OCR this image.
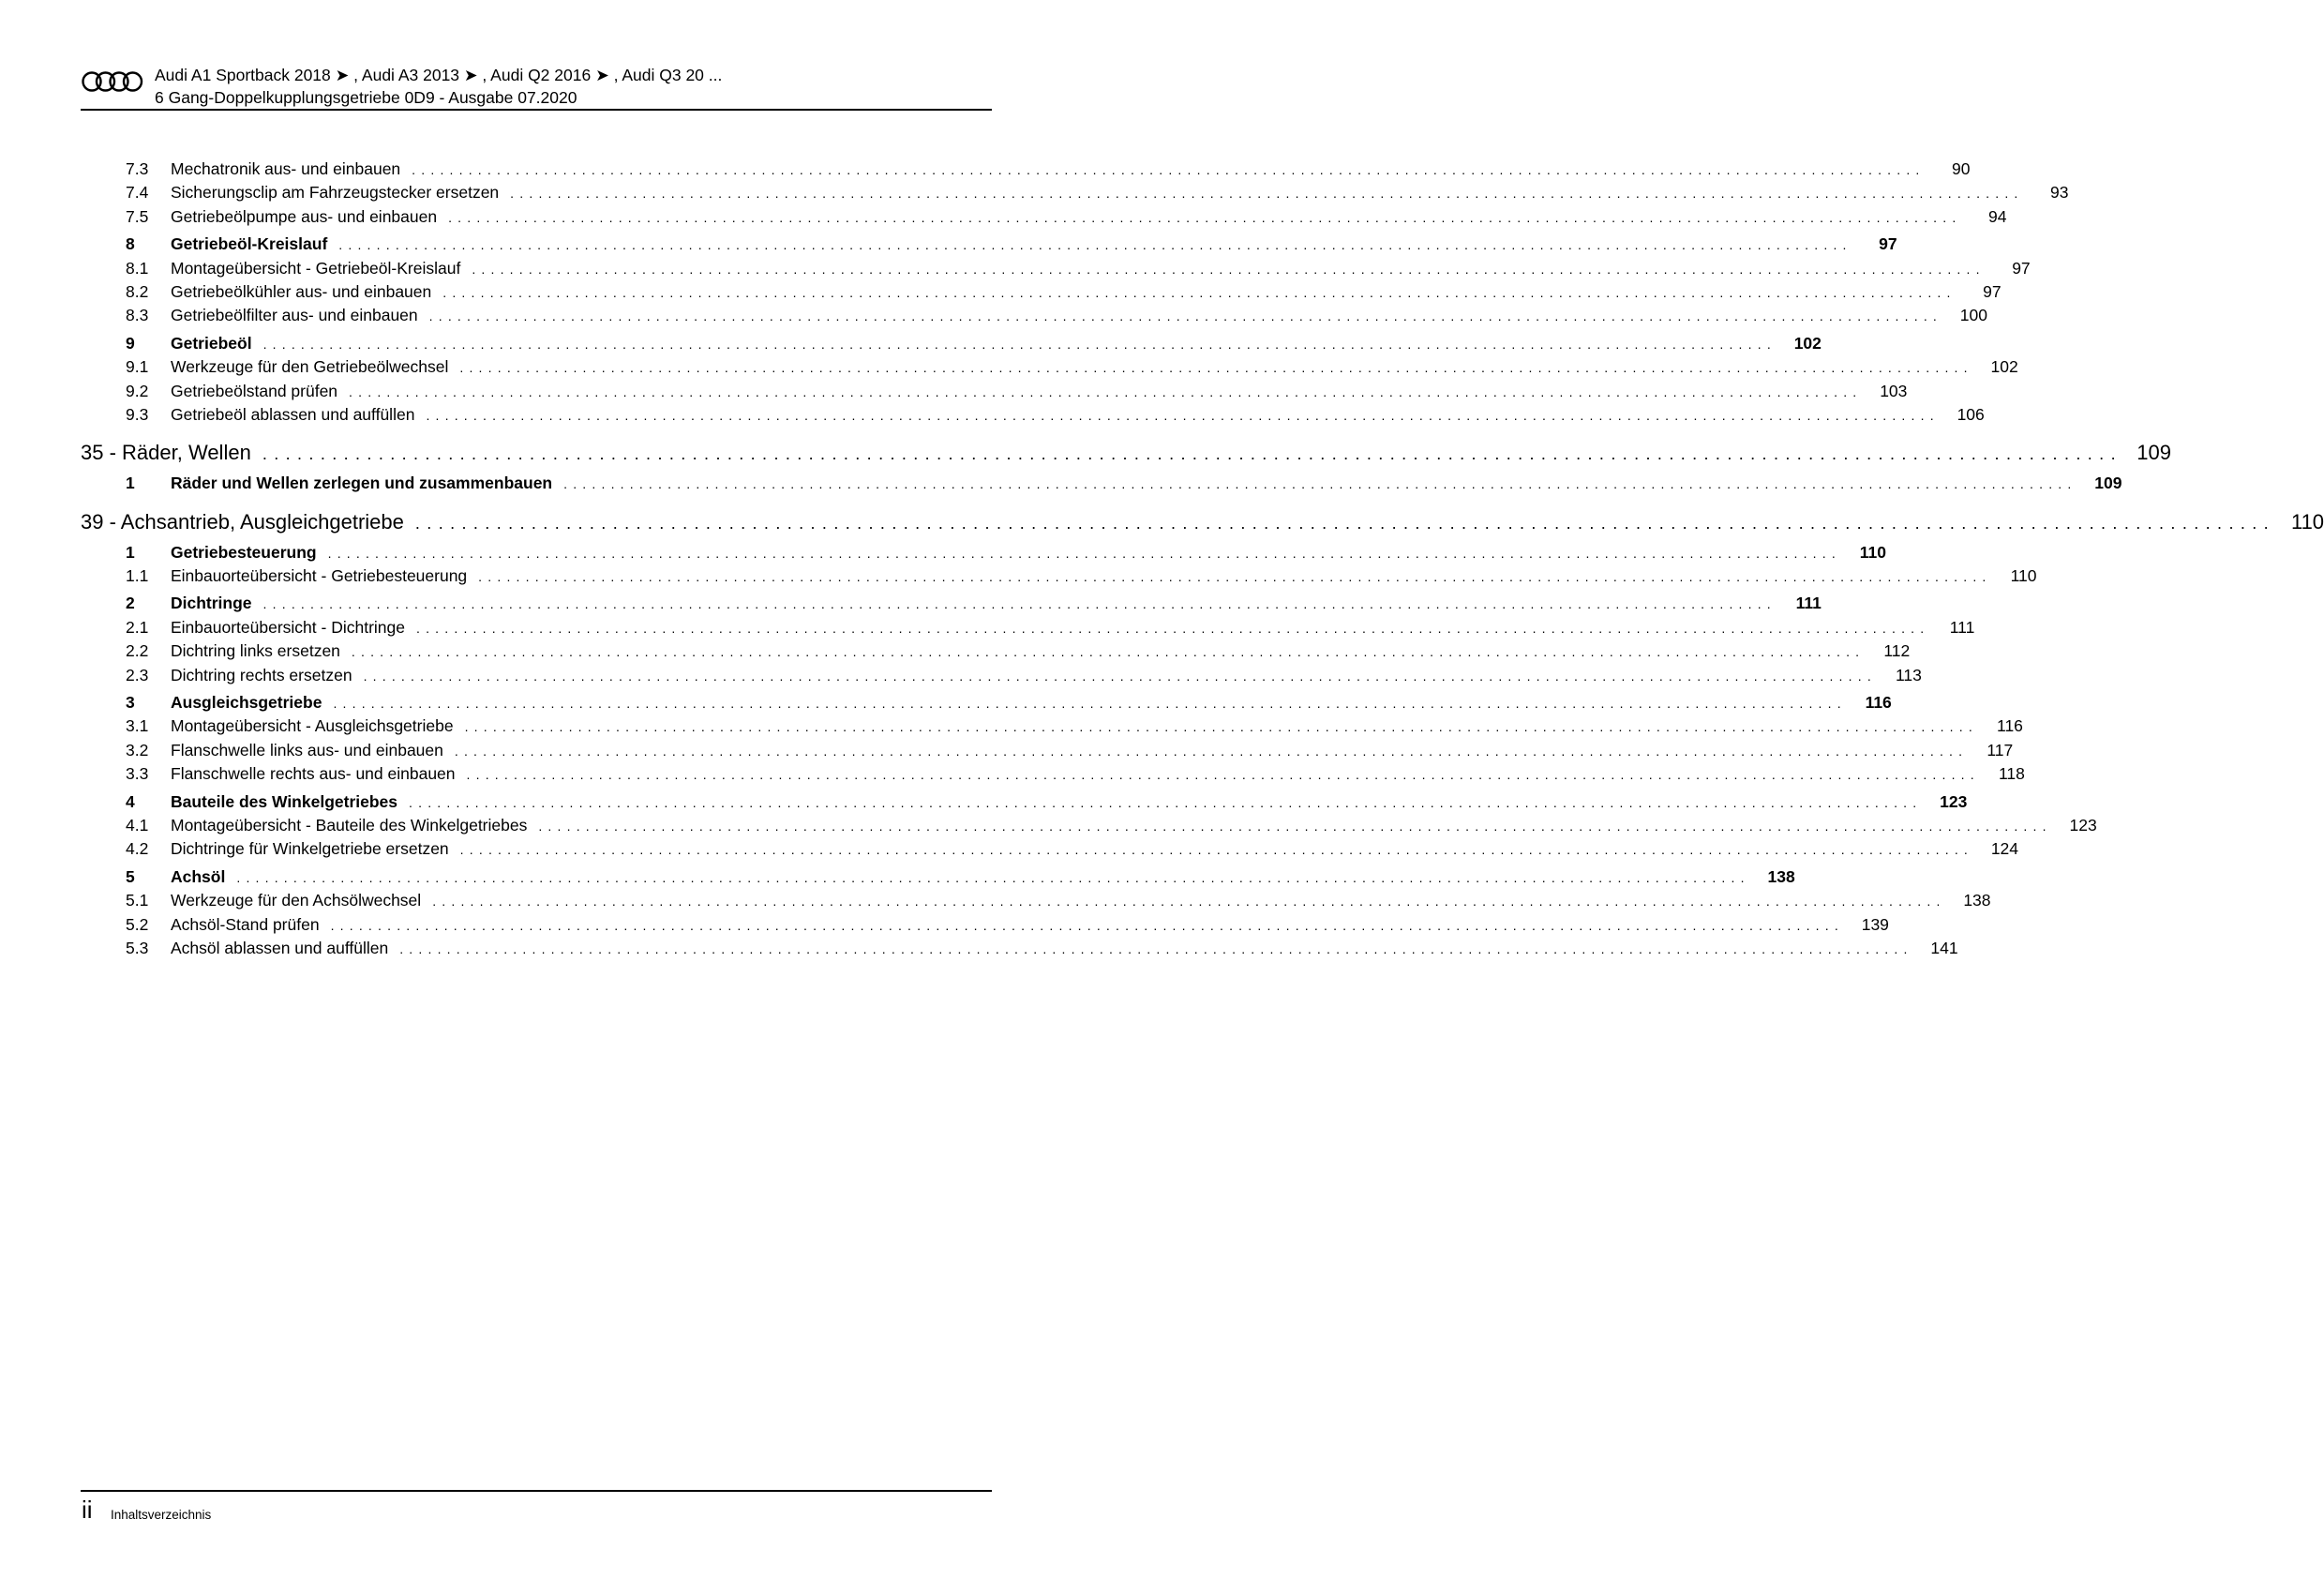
Audi A1 Sportback 2018 ➤ , Audi A3 2013 ➤ , Audi Q2 2016 ➤ , Audi Q3 20 ...
6 Gang-Doppelkupplungsgetriebe 0D9 - Ausgabe 07.2020
7.3	Mechatronik aus- und einbauen ................................................................................................................................................................	90
7.4	Sicherungsclip am Fahrzeugstecker ersetzen ................................................................................................................................................................	93
7.5	Getriebeölpumpe aus- und einbauen ................................................................................................................................................................	94
8	Getriebeöl-Kreislauf ................................................................................................................................................................	97
8.1	Montageübersicht - Getriebeöl-Kreislauf ................................................................................................................................................................	97
8.2	Getriebeölkühler aus- und einbauen ................................................................................................................................................................	97
8.3	Getriebeölfilter aus- und einbauen ................................................................................................................................................................	100
9	Getriebeöl ................................................................................................................................................................	102
9.1	Werkzeuge für den Getriebeölwechsel ................................................................................................................................................................	102
9.2	Getriebeölstand prüfen ................................................................................................................................................................	103
9.3	Getriebeöl ablassen und auffüllen ................................................................................................................................................................	106
35 - Räder, Wellen ................................................................................................................................................................ 109
1	Räder und Wellen zerlegen und zusammenbauen ................................................................................................................................................................	109
39 - Achsantrieb, Ausgleichgetriebe ................................................................................................................................................................ 110
1	Getriebesteuerung ................................................................................................................................................................	110
1.1	Einbauorteübersicht - Getriebesteuerung ................................................................................................................................................................	110
2	Dichtringe ................................................................................................................................................................	111
2.1	Einbauorteübersicht - Dichtringe ................................................................................................................................................................	111
2.2	Dichtring links ersetzen ................................................................................................................................................................	112
2.3	Dichtring rechts ersetzen ................................................................................................................................................................	113
3	Ausgleichsgetriebe ................................................................................................................................................................	116
3.1	Montageübersicht - Ausgleichsgetriebe ................................................................................................................................................................	116
3.2	Flanschwelle links aus- und einbauen ................................................................................................................................................................	117
3.3	Flanschwelle rechts aus- und einbauen ................................................................................................................................................................	118
4	Bauteile des Winkelgetriebes ................................................................................................................................................................	123
4.1	Montageübersicht - Bauteile des Winkelgetriebes ................................................................................................................................................................	123
4.2	Dichtringe für Winkelgetriebe ersetzen ................................................................................................................................................................	124
5	Achsöl ................................................................................................................................................................	138
5.1	Werkzeuge für den Achsölwechsel ................................................................................................................................................................	138
5.2	Achsöl-Stand prüfen ................................................................................................................................................................	139
5.3	Achsöl ablassen und auffüllen ................................................................................................................................................................	141
ii Inhaltsverzeichnis
